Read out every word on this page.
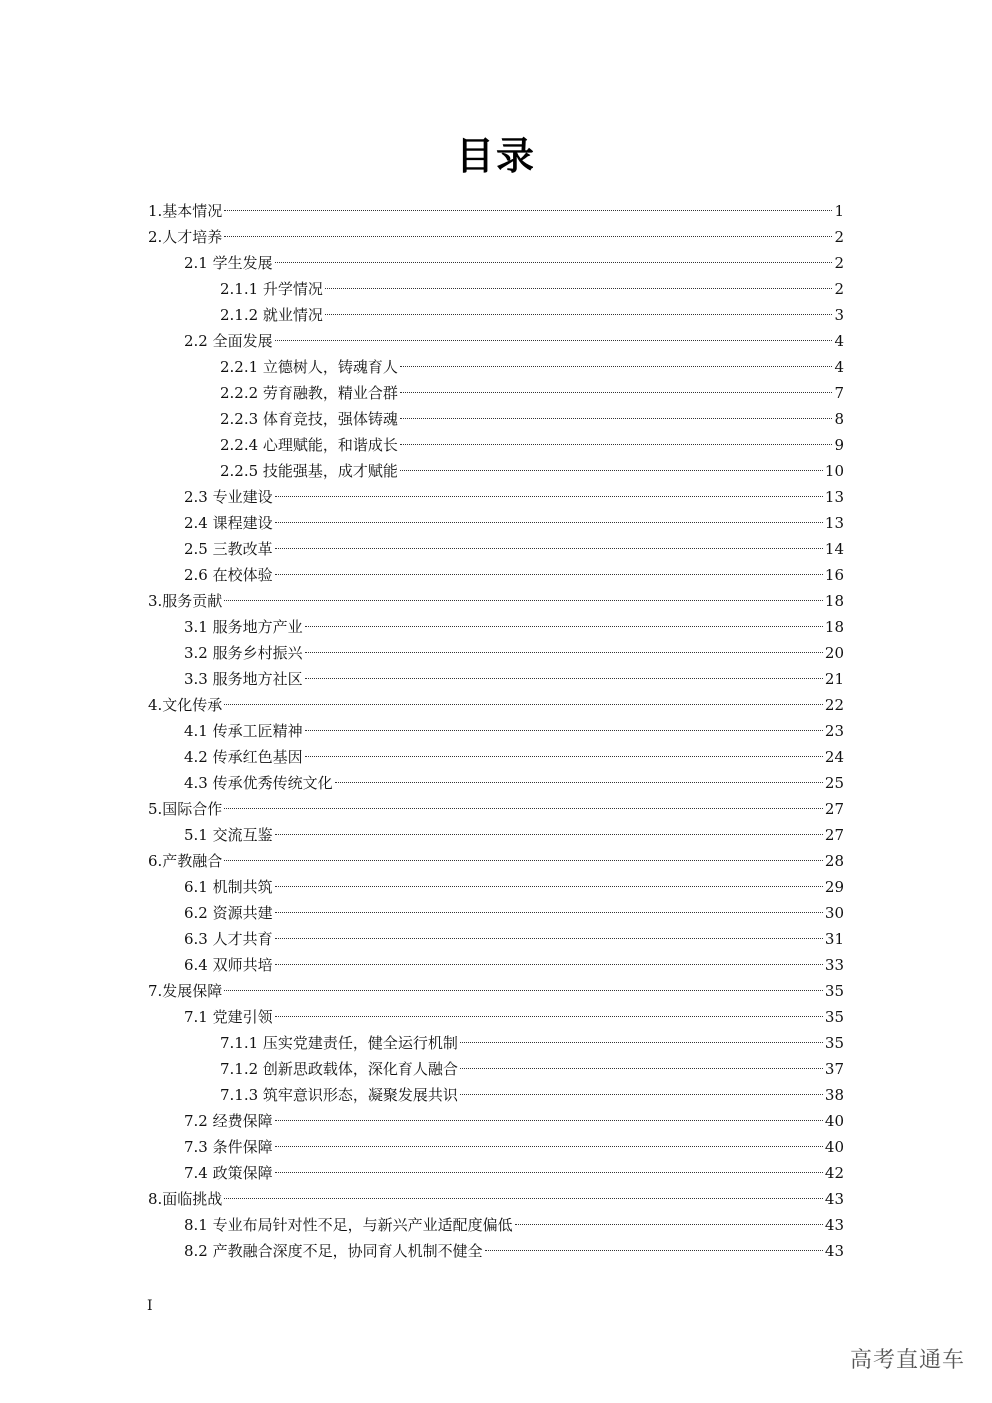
目录
1.基本情况	1
2.人才培养	2
2.1 学生发展	2
2.1.1 升学情况	2
2.1.2 就业情况	3
2.2 全面发展	4
2.2.1 立德树人，铸魂育人	4
2.2.2 劳育融教，精业合群	7
2.2.3 体育竞技，强体铸魂	8
2.2.4 心理赋能，和谐成长	9
2.2.5 技能强基，成才赋能	10
2.3 专业建设	13
2.4 课程建设	13
2.5 三教改革	14
2.6 在校体验	16
3.服务贡献	18
3.1 服务地方产业	18
3.2 服务乡村振兴	20
3.3 服务地方社区	21
4.文化传承	22
4.1 传承工匠精神	23
4.2 传承红色基因	24
4.3 传承优秀传统文化	25
5.国际合作	27
5.1 交流互鉴	27
6.产教融合	28
6.1 机制共筑	29
6.2 资源共建	30
6.3 人才共育	31
6.4 双师共培	33
7.发展保障	35
7.1 党建引领	35
7.1.1 压实党建责任，健全运行机制	35
7.1.2 创新思政载体，深化育人融合	37
7.1.3 筑牢意识形态，凝聚发展共识	38
7.2 经费保障	40
7.3 条件保障	40
7.4 政策保障	42
8.面临挑战	43
8.1 专业布局针对性不足，与新兴产业适配度偏低	43
8.2 产教融合深度不足，协同育人机制不健全	43
I
高考直通车
